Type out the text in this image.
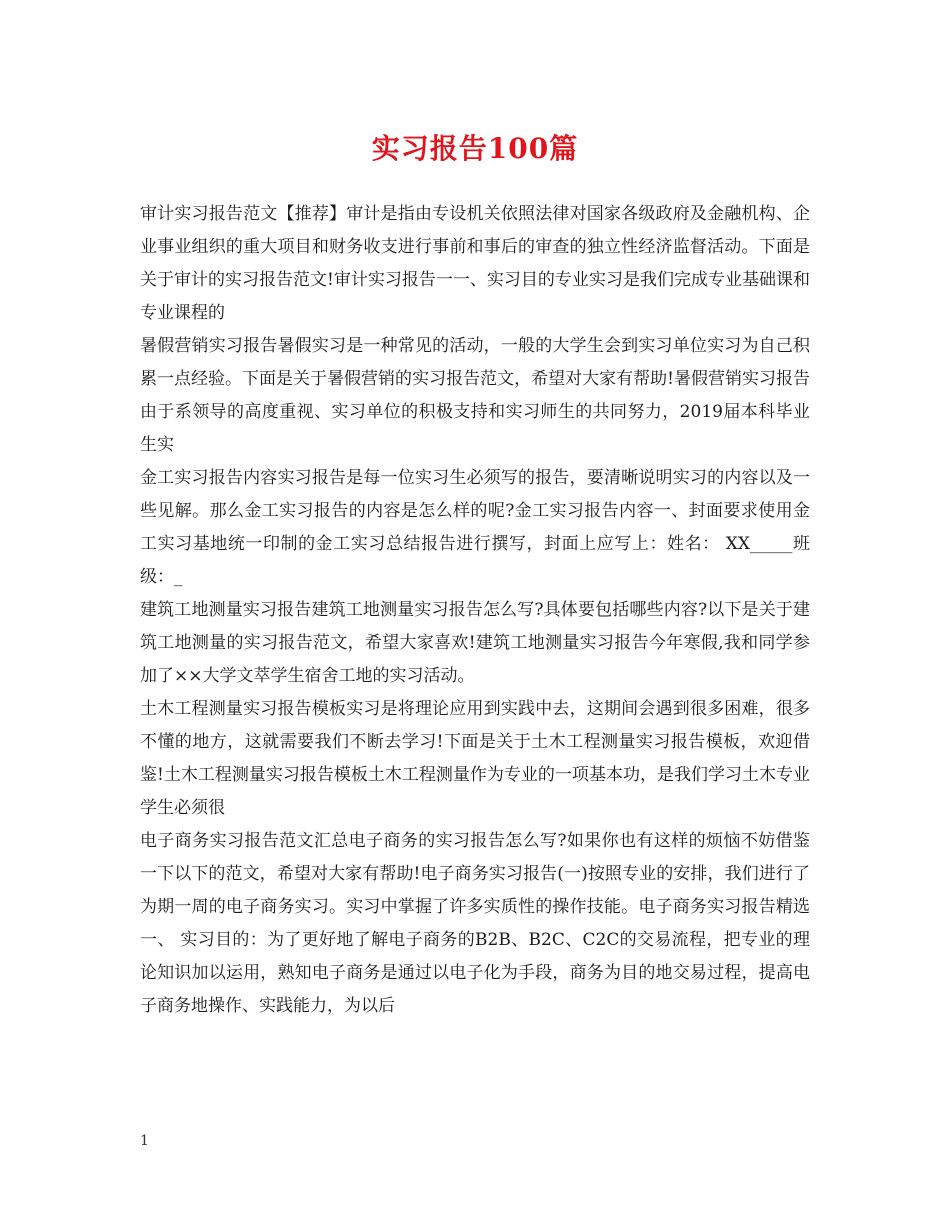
实习报告100篇

审计实习报告范文【推荐】审计是指由专设机关依照法律对国家各级政府及金融机构、企业事业组织的重大项目和财务收支进行事前和事后的审查的独立性经济监督活动。下面是关于审计的实习报告范文!审计实习报告一一、实习目的专业实习是我们完成专业基础课和专业课程的

暑假营销实习报告暑假实习是一种常见的活动，一般的大学生会到实习单位实习为自己积累一点经验。下面是关于暑假营销的实习报告范文，希望对大家有帮助!暑假营销实习报告由于系领导的高度重视、实习单位的积极支持和实习师生的共同努力，2019届本科毕业生实

金工实习报告内容实习报告是每一位实习生必须写的报告，要清晰说明实习的内容以及一些见解。那么金工实习报告的内容是怎么样的呢?金工实习报告内容一、封面要求使用金工实习基地统一印制的金工实习总结报告进行撰写，封面上应写上：姓名： XX_____班级：_

建筑工地测量实习报告建筑工地测量实习报告怎么写?具体要包括哪些内容?以下是关于建筑工地测量的实习报告范文，希望大家喜欢!建筑工地测量实习报告今年寒假,我和同学参加了××大学文萃学生宿舍工地的实习活动。

土木工程测量实习报告模板实习是将理论应用到实践中去，这期间会遇到很多困难，很多不懂的地方，这就需要我们不断去学习!下面是关于土木工程测量实习报告模板，欢迎借鉴!土木工程测量实习报告模板土木工程测量作为专业的一项基本功，是我们学习土木专业学生必须很

电子商务实习报告范文汇总电子商务的实习报告怎么写?如果你也有这样的烦恼不妨借鉴一下以下的范文，希望对大家有帮助!电子商务实习报告(一)按照专业的安排，我们进行了为期一周的电子商务实习。实习中掌握了许多实质性的操作技能。电子商务实习报告精选一、 实习目的：为了更好地了解电子商务的B2B、B2C、C2C的交易流程，把专业的理论知识加以运用，熟知电子商务是通过以电子化为手段，商务为目的地交易过程，提高电子商务地操作、实践能力，为以后

1
